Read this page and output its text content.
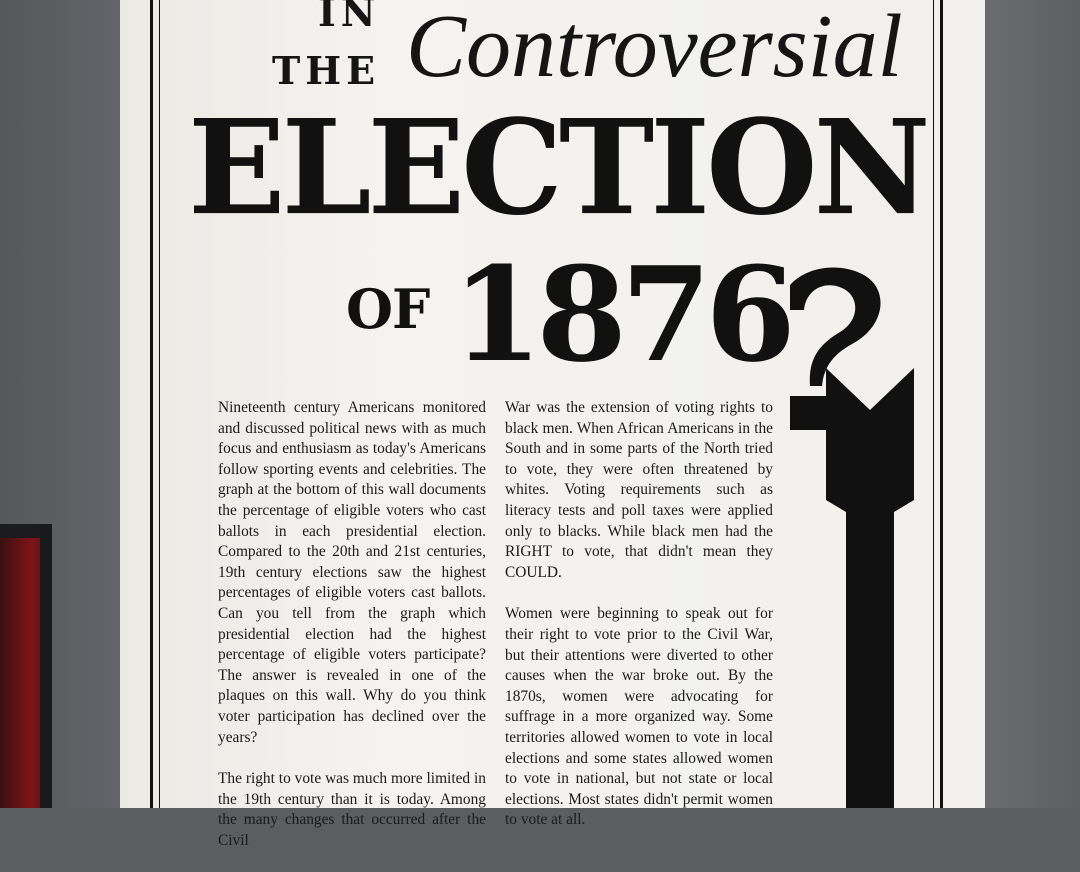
IN
THE Controversial
ELECTION
OF 1876

Nineteenth century Americans monitored and discussed political news with as much focus and enthusiasm as today's Americans follow sporting events and celebrities. The graph at the bottom of this wall documents the percentage of eligible voters who cast ballots in each presidential election. Compared to the 20th and 21st centuries, 19th century elections saw the highest percentages of eligible voters cast ballots. Can you tell from the graph which presidential election had the highest percentage of eligible voters participate? The answer is revealed in one of the plaques on this wall. Why do you think voter participation has declined over the years?

The right to vote was much more limited in the 19th century than it is today. Among the many changes that occurred after the Civil

War was the extension of voting rights to black men. When African Americans in the South and in some parts of the North tried to vote, they were often threatened by whites. Voting requirements such as literacy tests and poll taxes were applied only to blacks. While black men had the RIGHT to vote, that didn't mean they COULD.

Women were beginning to speak out for their right to vote prior to the Civil War, but their attentions were diverted to other causes when the war broke out. By the 1870s, women were advocating for suffrage in a more organized way. Some territories allowed women to vote in local elections and some states allowed women to vote in national, but not state or local elections. Most states didn't permit women to vote at all.
